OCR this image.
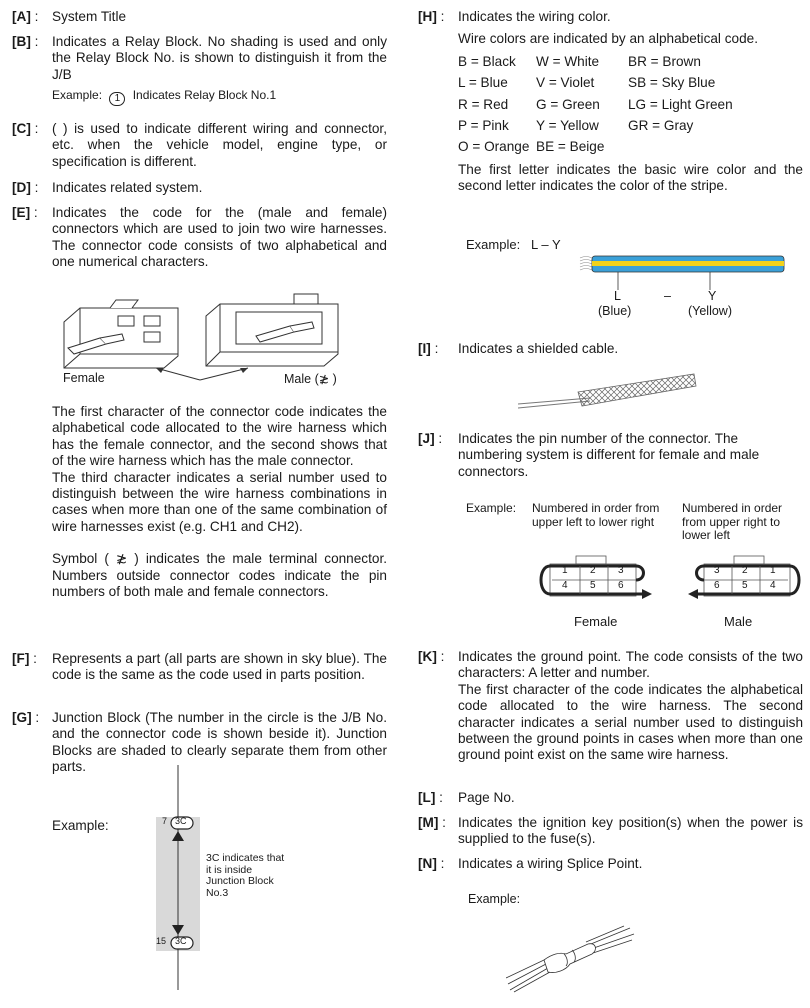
[A] :	System Title

[B] :	Indicates a Relay Block. No shading is used and only the Relay Block No. is shown to distinguish it from the J/B

Example: 1 Indicates Relay Block No.1

[C] :	( ) is used to indicate different wiring and connector, etc. when the vehicle model, engine type, or specification is different.

[D] :	Indicates related system.

[E] :	Indicates the code for the (male and female) connectors which are used to join two wire harnesses. The connector code consists of two alphabetical and one numerical characters.

Female	Male (≵ )

The first character of the connector code indicates the alphabetical code allocated to the wire harness which has the female connector, and the second shows that of the wire harness which has the male connector.

The third character indicates a serial number used to distinguish between the wire harness combinations in cases when more than one of the same combination of wire harnesses exist (e.g. CH1 and CH2).

Symbol ( ≵ ) indicates the male terminal connector. Numbers outside connector codes indicate the pin numbers of both male and female connectors.

[F] :	Represents a part (all parts are shown in sky blue). The code is the same as the code used in parts position.

[G] :	Junction Block (The number in the circle is the J/B No. and the connector code is shown beside it). Junction Blocks are shaded to clearly separate them from other parts.

Example:	7 3C
15 3C
3C indicates that
it is inside
Junction Block
No.3
[H] :	Indicates the wiring color.

Wire colors are indicated by an alphabetical code.

B = Black	W = White	BR = Brown
L = Blue	V = Violet	SB = Sky Blue
R = Red	G = Green	LG = Light Green
P = Pink	Y = Yellow	GR = Gray
O = Orange BE = Beige

The first letter indicates the basic wire color and the second letter indicates the color of the stripe.

Example: L – Y
L	–	Y
(Blue)	(Yellow)
[I] :	Indicates a shielded cable.

[J] :	Indicates the pin number of the connector. The numbering system is different for female and male connectors.

Example: Numbered in order from upper left to lower right
Numbered in order from upper right to lower left
1 2 3
4 5 6
Female
3 2 1
6 5 4
Male
[K] :	Indicates the ground point. The code consists of the two characters: A letter and number.

The first character of the code indicates the alphabetical code allocated to the wire harness. The second character indicates a serial number used to distinguish between the ground points in cases when more than one ground point exist on the same wire harness.

[L] :	Page No.

[M] :	Indicates the ignition key position(s) when the power is supplied to the fuse(s).

[N] :	Indicates a wiring Splice Point.

Example:
